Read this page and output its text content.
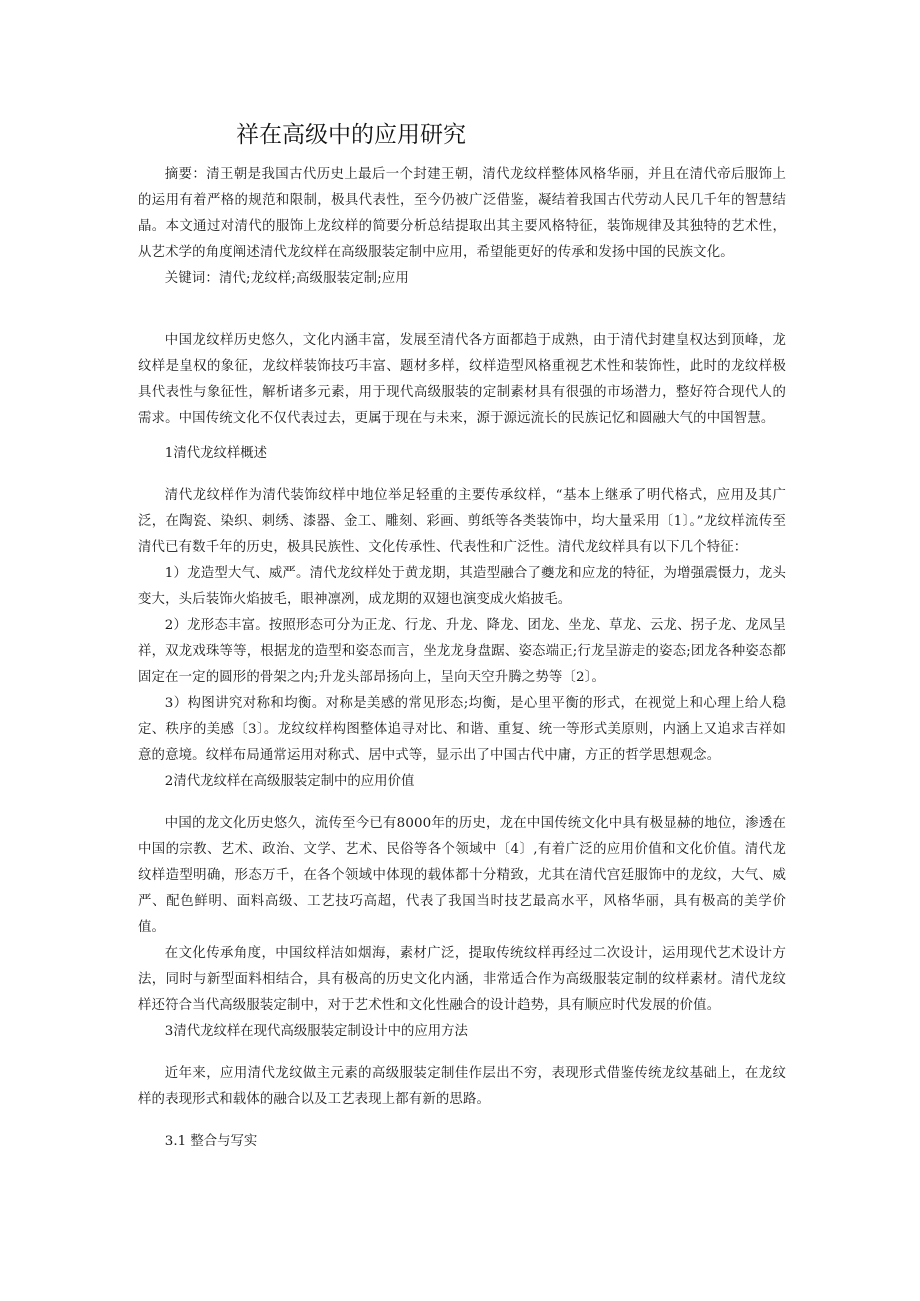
祥在高级中的应用研究

摘要：清王朝是我国古代历史上最后一个封建王朝，清代龙纹样整体风格华丽，并且在清代帝后服饰上的运用有着严格的规范和限制，极具代表性，至今仍被广泛借鉴，凝结着我国古代劳动人民几千年的智慧结晶。本文通过对清代的服饰上龙纹样的简要分析总结提取出其主要风格特征，装饰规律及其独特的艺术性，从艺术学的角度阐述清代龙纹样在高级服装定制中应用，希望能更好的传承和发扬中国的民族文化。

关键词：清代;龙纹样;高级服装定制;应用

中国龙纹样历史悠久，文化内涵丰富，发展至清代各方面都趋于成熟，由于清代封建皇权达到顶峰，龙纹样是皇权的象征，龙纹样装饰技巧丰富、题材多样，纹样造型风格重视艺术性和装饰性，此时的龙纹样极具代表性与象征性，解析诸多元素，用于现代高级服装的定制素材具有很强的市场潜力，整好符合现代人的需求。中国传统文化不仅代表过去，更属于现在与未来，源于源远流长的民族记忆和圆融大气的中国智慧。

1清代龙纹样概述

清代龙纹样作为清代装饰纹样中地位举足轻重的主要传承纹样，“基本上继承了明代格式，应用及其广泛，在陶瓷、染织、刺绣、漆器、金工、雕刻、彩画、剪纸等各类装饰中，均大量采用〔1〕。”龙纹样流传至清代已有数千年的历史，极具民族性、文化传承性、代表性和广泛性。清代龙纹样具有以下几个特征：

1）龙造型大气、威严。清代龙纹样处于黄龙期，其造型融合了夔龙和应龙的特征，为增强震慑力，龙头变大，头后装饰火焰披毛，眼神凛冽，成龙期的双翅也演变成火焰披毛。

2）龙形态丰富。按照形态可分为正龙、行龙、升龙、降龙、团龙、坐龙、草龙、云龙、拐子龙、龙凤呈祥，双龙戏珠等等，根据龙的造型和姿态而言，坐龙龙身盘踞、姿态端正;行龙呈游走的姿态;团龙各种姿态都固定在一定的圆形的骨架之内;升龙头部昂扬向上，呈向天空升腾之势等〔2〕。

3）构图讲究对称和均衡。对称是美感的常见形态;均衡，是心里平衡的形式，在视觉上和心理上给人稳定、秩序的美感〔3〕。龙纹纹样构图整体追寻对比、和谐、重复、统一等形式美原则，内涵上又追求吉祥如意的意境。纹样布局通常运用对称式、居中式等，显示出了中国古代中庸，方正的哲学思想观念。

2清代龙纹样在高级服装定制中的应用价值

中国的龙文化历史悠久，流传至今已有8000年的历史，龙在中国传统文化中具有极显赫的地位，渗透在中国的宗教、艺术、政治、文学、艺术、民俗等各个领域中〔4〕,有着广泛的应用价值和文化价值。清代龙纹样造型明确，形态万千，在各个领域中体现的载体都十分精致，尤其在清代宫廷服饰中的龙纹，大气、威严、配色鲜明、面料高级、工艺技巧高超，代表了我国当时技艺最高水平，风格华丽，具有极高的美学价值。

在文化传承角度，中国纹样洁如烟海，素材广泛，提取传统纹样再经过二次设计，运用现代艺术设计方法，同时与新型面料相结合，具有极高的历史文化内涵，非常适合作为高级服装定制的纹样素材。清代龙纹样还符合当代高级服装定制中，对于艺术性和文化性融合的设计趋势，具有顺应时代发展的价值。

3清代龙纹样在现代高级服装定制设计中的应用方法

近年来，应用清代龙纹做主元素的高级服装定制佳作层出不穷，表现形式借鉴传统龙纹基础上，在龙纹样的表现形式和载体的融合以及工艺表现上都有新的思路。

3.1 整合与写实
